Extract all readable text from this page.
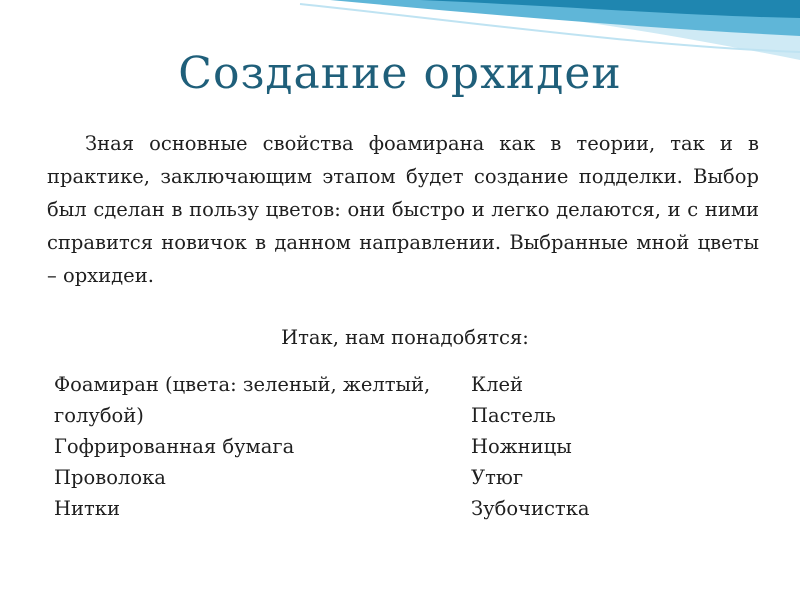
Создание орхидеи
Зная основные свойства фоамирана как в теории, так и в практике, заключающим этапом будет создание подделки. Выбор был сделан в пользу цветов: они быстро и легко делаются, и с ними справится новичок в данном направлении. Выбранные мной цветы – орхидеи.
Итак, нам понадобятся:
Фоамиран (цвета: зеленый, желтый, голубой)
Гофрированная бумага
Проволока
Нитки
Клей
Пастель
Ножницы
Утюг
Зубочистка
